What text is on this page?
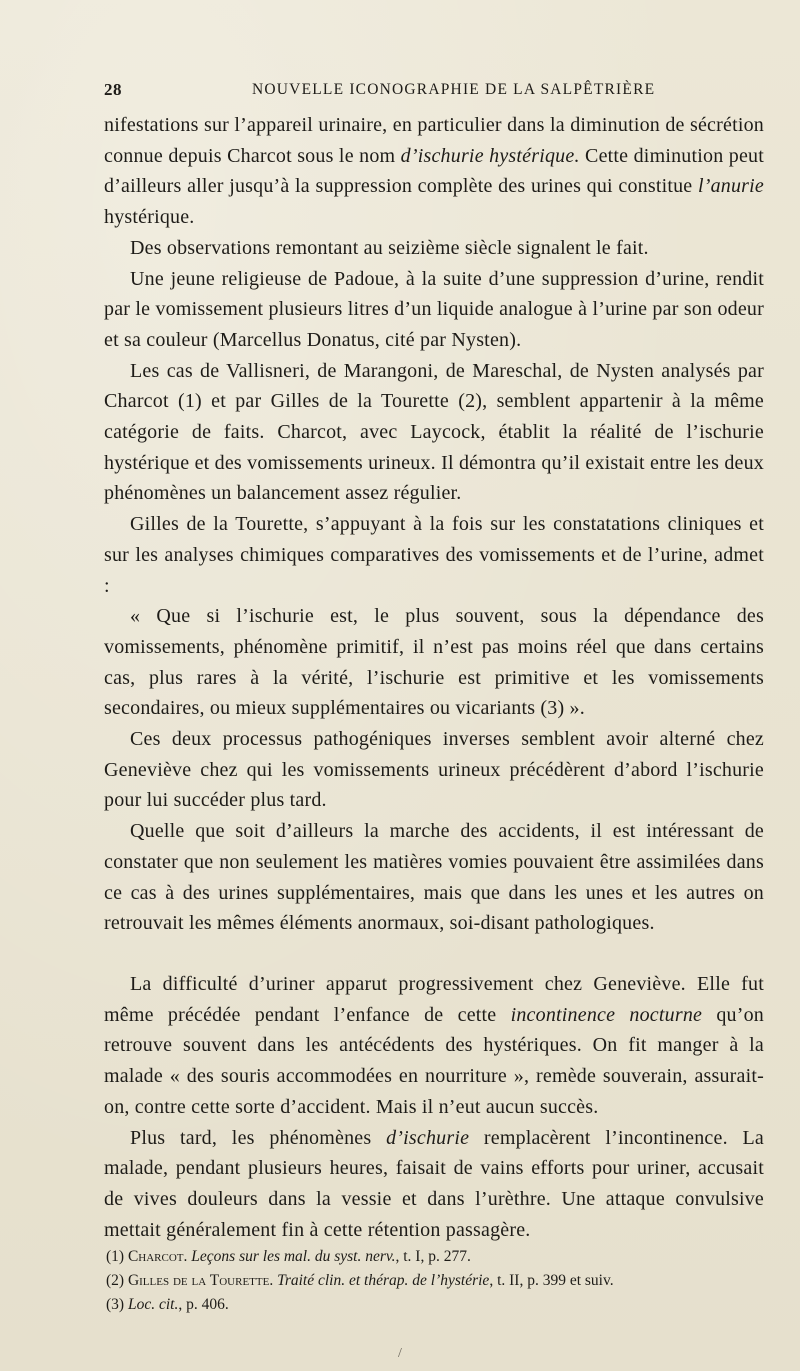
28	NOUVELLE ICONOGRAPHIE DE LA SALPÊTRIÈRE

nifestations sur l’appareil urinaire, en particulier dans la diminution de sécrétion connue depuis Charcot sous le nom d’ischurie hystérique. Cette diminution peut d’ailleurs aller jusqu’à la suppression complète des urines qui constitue l’anurie hystérique.

Des observations remontant au seizième siècle signalent le fait.

Une jeune religieuse de Padoue, à la suite d’une suppression d’urine, rendit par le vomissement plusieurs litres d’un liquide analogue à l’urine par son odeur et sa couleur (Marcellus Donatus, cité par Nysten).

Les cas de Vallisneri, de Marangoni, de Mareschal, de Nysten analysés par Charcot (1) et par Gilles de la Tourette (2), semblent appartenir à la même catégorie de faits. Charcot, avec Laycock, établit la réalité de l’ischurie hystérique et des vomissements urineux. Il démontra qu’il existait entre les deux phénomènes un balancement assez régulier.

Gilles de la Tourette, s’appuyant à la fois sur les constatations cliniques et sur les analyses chimiques comparatives des vomissements et de l’urine, admet :

« Que si l’ischurie est, le plus souvent, sous la dépendance des vomissements, phénomène primitif, il n’est pas moins réel que dans certains cas, plus rares à la vérité, l’ischurie est primitive et les vomissements secondaires, ou mieux supplémentaires ou vicariants (3) ».

Ces deux processus pathogéniques inverses semblent avoir alterné chez Geneviève chez qui les vomissements urineux précédèrent d’abord l’ischurie pour lui succéder plus tard.

Quelle que soit d’ailleurs la marche des accidents, il est intéressant de constater que non seulement les matières vomies pouvaient être assimilées dans ce cas à des urines supplémentaires, mais que dans les unes et les autres on retrouvait les mêmes éléments anormaux, soi-disant pathologiques.

La difficulté d’uriner apparut progressivement chez Geneviève. Elle fut même précédée pendant l’enfance de cette incontinence nocturne qu’on retrouve souvent dans les antécédents des hystériques. On fit manger à la malade « des souris accommodées en nourriture », remède souverain, assurait-on, contre cette sorte d’accident. Mais il n’eut aucun succès.

Plus tard, les phénomènes d’ischurie remplacèrent l’incontinence. La malade, pendant plusieurs heures, faisait de vains efforts pour uriner, accusait de vives douleurs dans la vessie et dans l’urèthre. Une attaque convulsive mettait généralement fin à cette rétention passagère.

(1) Charcot. Leçons sur les mal. du syst. nerv., t. I, p. 277.

(2) Gilles de la Tourette. Traité clin. et thérap. de l’hystérie, t. II, p. 399 et suiv.

(3) Loc. cit., p. 406.

/
